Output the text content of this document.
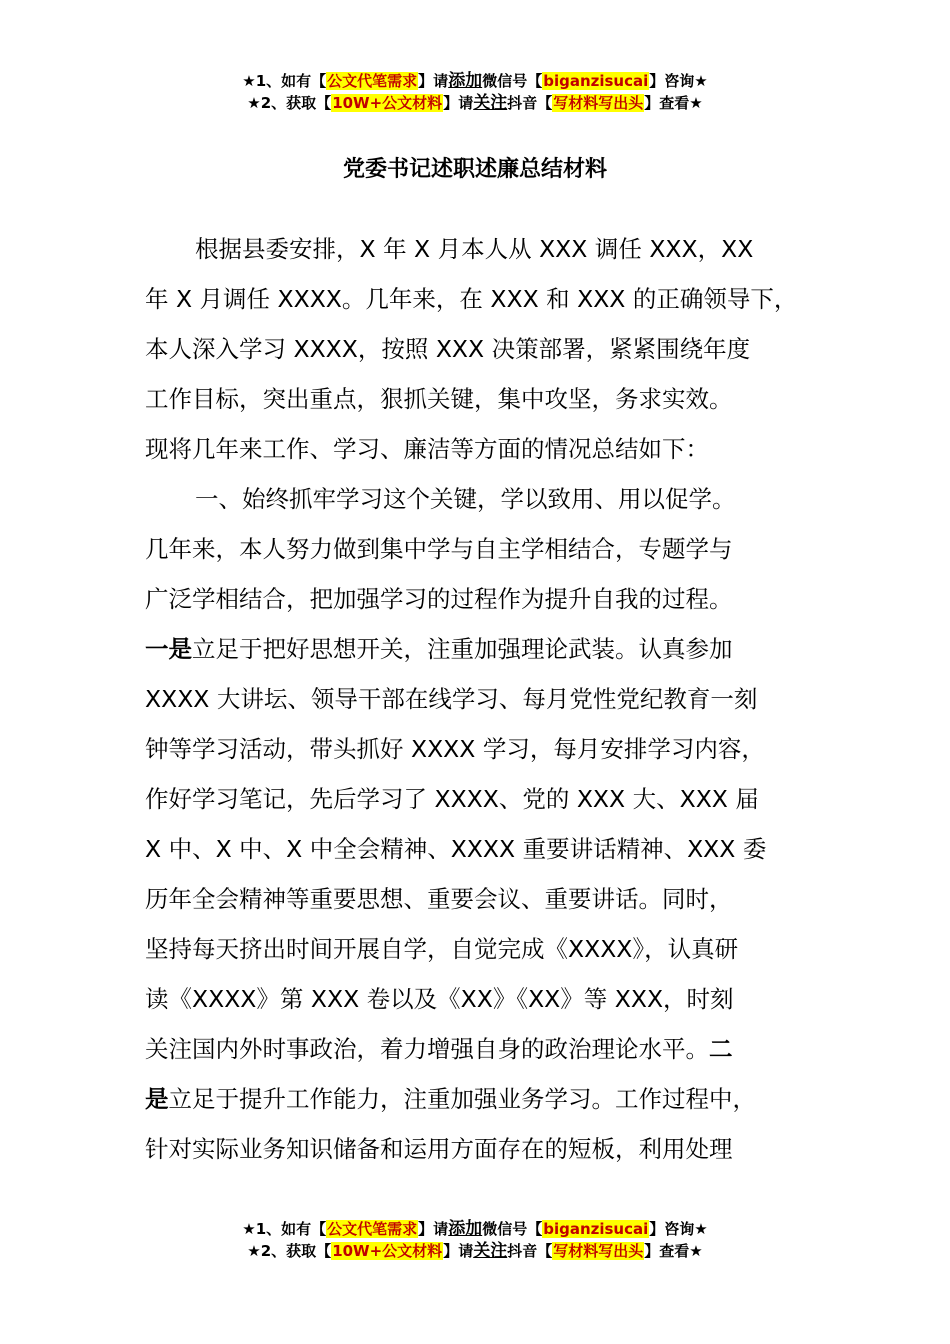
★1、如有【公文代笔需求】请添加微信号【biganzisucai】咨询★
★2、获取【10W+公文材料】请关注抖音【写材料写出头】查看★
党委书记述职述廉总结材料
根据县委安排，X 年 X 月本人从 XXX 调任 XXX，XX
年 X 月调任 XXXX。几年来，在 XXX 和 XXX 的正确领导下，
本人深入学习 XXXX，按照 XXX 决策部署，紧紧围绕年度
工作目标，突出重点，狠抓关键，集中攻坚，务求实效。
现将几年来工作、学习、廉洁等方面的情况总结如下：
一、始终抓牢学习这个关键，学以致用、用以促学。
几年来，本人努力做到集中学与自主学相结合，专题学与
广泛学相结合，把加强学习的过程作为提升自我的过程。
一是立足于把好思想开关，注重加强理论武装。认真参加
XXXX 大讲坛、领导干部在线学习、每月党性党纪教育一刻
钟等学习活动，带头抓好 XXXX 学习，每月安排学习内容，
作好学习笔记，先后学习了 XXXX、党的 XXX 大、XXX 届
X 中、X 中、X 中全会精神、XXXX 重要讲话精神、XXX 委
历年全会精神等重要思想、重要会议、重要讲话。同时，
坚持每天挤出时间开展自学，自觉完成《XXXX》，认真研
读《XXXX》第 XXX 卷以及《XX》《XX》等 XXX，时刻
关注国内外时事政治，着力增强自身的政治理论水平。二
是立足于提升工作能力，注重加强业务学习。工作过程中，
针对实际业务知识储备和运用方面存在的短板，利用处理
★1、如有【公文代笔需求】请添加微信号【biganzisucai】咨询★
★2、获取【10W+公文材料】请关注抖音【写材料写出头】查看★
